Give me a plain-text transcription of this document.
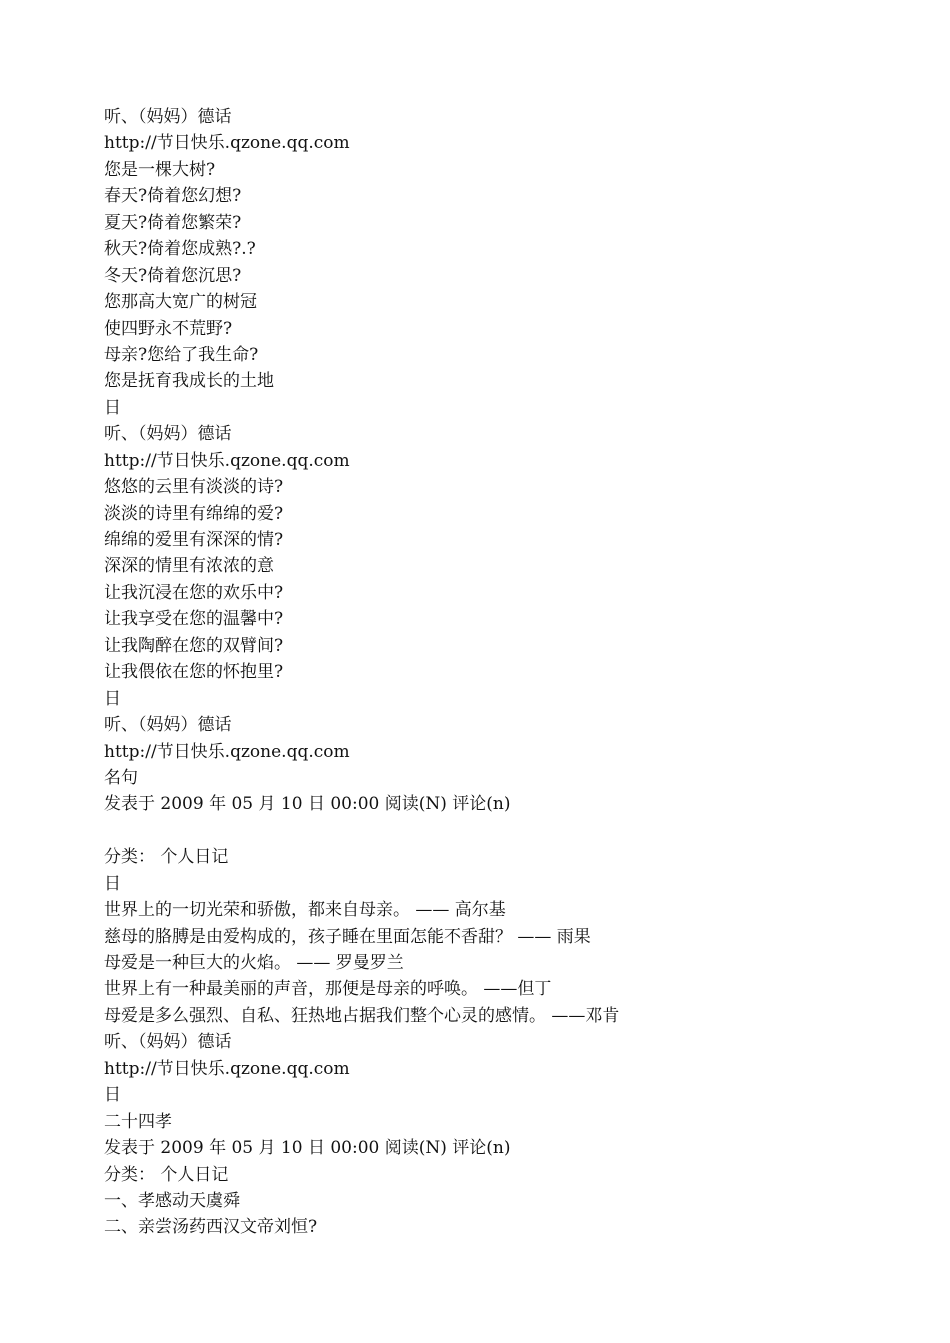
听、（妈妈）德话
http://节日快乐.qzone.qq.com
您是一棵大树?
春天?倚着您幻想?
夏天?倚着您繁荣?
秋天?倚着您成熟?.?
冬天?倚着您沉思?
您那高大宽广的树冠
使四野永不荒野?
母亲?您给了我生命?
您是抚育我成长的土地
日
听、（妈妈）德话
http://节日快乐.qzone.qq.com
悠悠的云里有淡淡的诗?
淡淡的诗里有绵绵的爱?
绵绵的爱里有深深的情?
深深的情里有浓浓的意
让我沉浸在您的欢乐中?
让我享受在您的温馨中?
让我陶醉在您的双臂间?
让我偎依在您的怀抱里?
日
听、（妈妈）德话
http://节日快乐.qzone.qq.com
名句
发表于 2009 年 05 月 10 日 00:00 阅读(N) 评论(n)
分类： 个人日记
日
世界上的一切光荣和骄傲，都来自母亲。 —— 高尔基
慈母的胳膊是由爱构成的，孩子睡在里面怎能不香甜？ —— 雨果
母爱是一种巨大的火焰。 —— 罗曼罗兰
世界上有一种最美丽的声音，那便是母亲的呼唤。 ——但丁
母爱是多么强烈、自私、狂热地占据我们整个心灵的感情。 ——邓肯
听、（妈妈）德话
http://节日快乐.qzone.qq.com
日
二十四孝
发表于 2009 年 05 月 10 日 00:00 阅读(N) 评论(n)
分类： 个人日记
一、孝感动天虞舜
二、亲尝汤药西汉文帝刘恒?
